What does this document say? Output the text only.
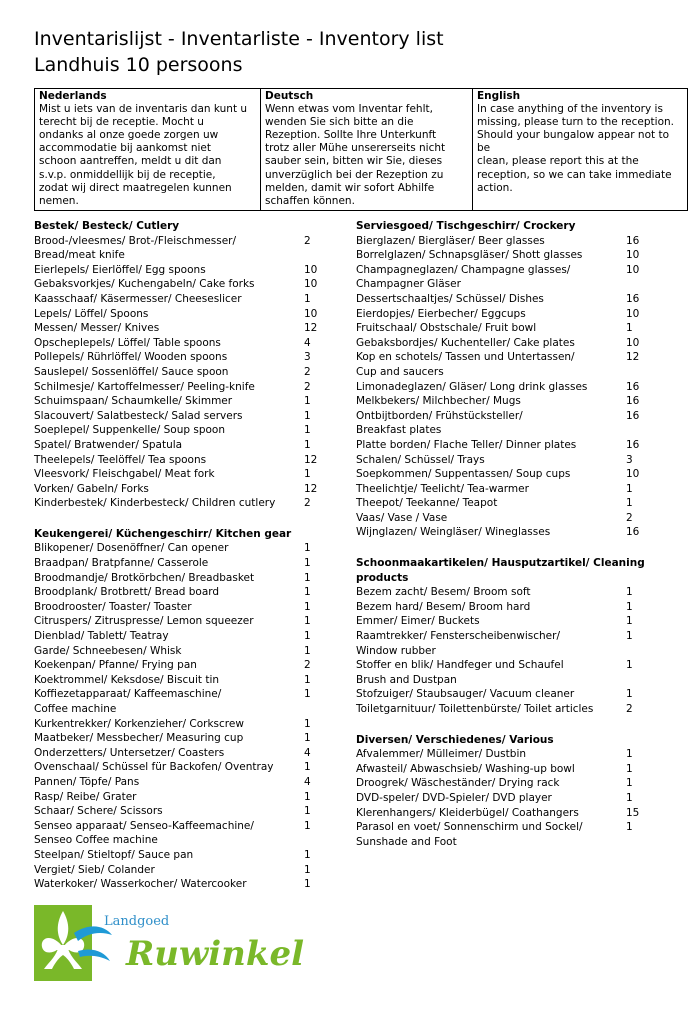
Inventarislijst - Inventarliste - Inventory list
Landhuis 10 persoons
Nederlands
Mist u iets van de inventaris dan kunt u
terecht bij de receptie. Mocht u
ondanks al onze goede zorgen uw
accommodatie bij aankomst niet
schoon aantreffen, meldt u dit dan
s.v.p. onmiddellijk bij de receptie,
zodat wij direct maatregelen kunnen
nemen.
Deutsch
Wenn etwas vom Inventar fehlt,
wenden Sie sich bitte an die
Rezeption. Sollte Ihre Unterkunft
trotz aller Mühe unsererseits nicht
sauber sein, bitten wir Sie, dieses
unverzüglich bei der Rezeption zu
melden, damit wir sofort Abhilfe
schaffen können.
English
In case anything of the inventory is
missing, please turn to the reception.
Should your bungalow appear not to be
clean, please report this at the
reception, so we can take immediate
action.
Bestek/ Besteck/ Cutlery
Brood-/vleesmes/ Brot-/Fleischmesser/	2
Bread/meat knife
Eierlepels/ Eierlöffel/ Egg spoons	10
Gebaksvorkjes/ Kuchengabeln/ Cake forks	10
Kaasschaaf/ Käsermesser/ Cheeseslicer	1
Lepels/ Löffel/ Spoons	10
Messen/ Messer/ Knives	12
Opscheplepels/ Löffel/ Table spoons	4
Pollepels/ Rührlöffel/ Wooden spoons	3
Sauslepel/ Sossenlöffel/ Sauce spoon	2
Schilmesje/ Kartoffelmesser/ Peeling-knife	2
Schuimspaan/ Schaumkelle/ Skimmer	1
Slacouvert/ Salatbesteck/ Salad servers	1
Soeplepel/ Suppenkelle/ Soup spoon	1
Spatel/ Bratwender/ Spatula	1
Theelepels/ Teelöffel/ Tea spoons	12
Vleesvork/ Fleischgabel/ Meat fork	1
Vorken/ Gabeln/ Forks	12
Kinderbestek/ Kinderbesteck/ Children cutlery	2
Keukengerei/ Küchengeschirr/ Kitchen gear
Blikopener/ Dosenöffner/ Can opener	1
Braadpan/ Bratpfanne/ Casserole	1
Broodmandje/ Brotkörbchen/ Breadbasket	1
Broodplank/ Brotbrett/ Bread board	1
Broodrooster/ Toaster/ Toaster	1
Citruspers/ Zitruspresse/ Lemon squeezer	1
Dienblad/ Tablett/ Teatray	1
Garde/ Schneebesen/ Whisk	1
Koekenpan/ Pfanne/ Frying pan	2
Koektrommel/ Keksdose/ Biscuit tin	1
Koffiezetapparaat/ Kaffeemaschine/	1
Coffee machine
Kurkentrekker/ Korkenzieher/ Corkscrew	1
Maatbeker/ Messbecher/ Measuring cup	1
Onderzetters/ Untersetzer/ Coasters	4
Ovenschaal/ Schüssel für Backofen/ Oventray	1
Pannen/ Töpfe/ Pans	4
Rasp/ Reibe/ Grater	1
Schaar/ Schere/ Scissors	1
Senseo apparaat/ Senseo-Kaffeemachine/	1
Senseo Coffee machine
Steelpan/ Stieltopf/ Sauce pan	1
Vergiet/ Sieb/ Colander	1
Waterkoker/ Wasserkocher/ Watercooker	1
Serviesgoed/ Tischgeschirr/ Crockery
Bierglazen/ Biergläser/ Beer glasses	16
Borrelglazen/ Schnapsgläser/ Shott glasses	10
Champagneglazen/ Champagne glasses/	10
Champagner Gläser
Dessertschaaltjes/ Schüssel/ Dishes	16
Eierdopjes/ Eierbecher/ Eggcups	10
Fruitschaal/ Obstschale/ Fruit bowl	1
Gebaksbordjes/ Kuchenteller/ Cake plates	10
Kop en schotels/ Tassen und Untertassen/	12
Cup and saucers
Limonadeglazen/ Gläser/ Long drink glasses	16
Melkbekers/ Milchbecher/ Mugs	16
Ontbijtborden/ Frühstücksteller/	16
Breakfast plates
Platte borden/ Flache Teller/ Dinner plates	16
Schalen/ Schüssel/ Trays	3
Soepkommen/ Suppentassen/ Soup cups	10
Theelichtje/ Teelicht/ Tea-warmer	1
Theepot/ Teekanne/ Teapot	1
Vaas/ Vase / Vase	2
Wijnglazen/ Weingläser/ Wineglasses	16
Schoonmaakartikelen/ Hausputzartikel/ Cleaning products
Bezem zacht/ Besem/ Broom soft	1
Bezem hard/ Besem/ Broom hard	1
Emmer/ Eimer/ Buckets	1
Raamtrekker/ Fensterscheibenwischer/	1
Window rubber
Stoffer en blik/ Handfeger und Schaufel	1
Brush and Dustpan
Stofzuiger/ Staubsauger/ Vacuum cleaner	1
Toiletgarnituur/ Toilettenbürste/ Toilet articles	2
Diversen/ Verschiedenes/ Various
Afvalemmer/ Mülleimer/ Dustbin	1
Afwasteil/ Abwaschsieb/ Washing-up bowl	1
Droogrek/ Wäscheständer/ Drying rack	1
DVD-speler/ DVD-Spieler/ DVD player	1
Klerenhangers/ Kleiderbügel/ Coathangers	15
Parasol en voet/ Sonnenschirm und Sockel/	1
Sunshade and Foot
Landgoed
Ruwinkel
